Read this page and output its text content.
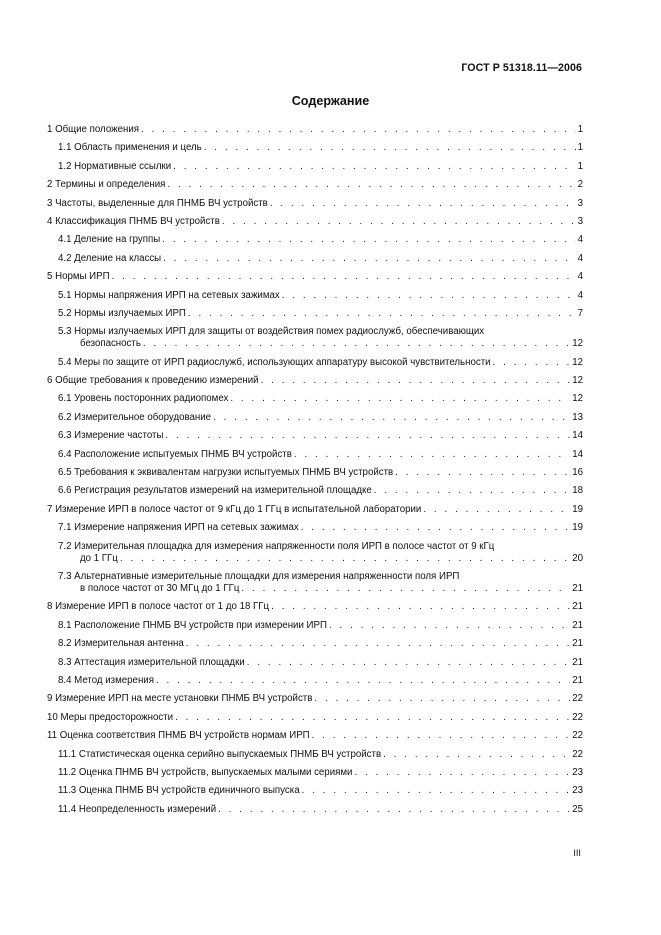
ГОСТ Р 51318.11—2006
Содержание
1 Общие положения . . .	1
1.1 Область применения и цель . . .	1
1.2 Нормативные ссылки . . .	1
2 Термины и определения . . .	2
3 Частоты, выделенные для ПНМБ ВЧ устройств . . .	3
4 Классификация ПНМБ ВЧ устройств . . .	3
4.1 Деление на группы . . .	4
4.2 Деление на классы . . .	4
5 Нормы ИРП . . .	4
5.1 Нормы напряжения ИРП на сетевых зажимах . . .	4
5.2 Нормы излучаемых ИРП . . .	7
5.3 Нормы излучаемых ИРП для защиты от воздействия помех радиослужб, обеспечивающих
безопасность . . .	12
5.4 Меры по защите от ИРП радиослужб, использующих аппаратуру высокой чувствительности . . .	12
6 Общие требования к проведению измерений . . .	12
6.1 Уровень посторонних радиопомех . . .	12
6.2 Измерительное оборудование . . .	13
6.3 Измерение частоты . . .	14
6.4 Расположение испытуемых ПНМБ ВЧ устройств . . .	14
6.5 Требования к эквивалентам нагрузки испытуемых ПНМБ ВЧ устройств . . .	16
6.6 Регистрация результатов измерений на измерительной площадке . . .	18
7 Измерение ИРП в полосе частот от 9 кГц до 1 ГГц в испытательной лаборатории . . .	19
7.1 Измерение напряжения ИРП на сетевых зажимах . . .	19
7.2 Измерительная площадка для измерения напряженности поля ИРП в полосе частот от 9 кГц
до 1 ГГц . . .	20
7.3 Альтернативные измерительные площадки для измерения напряженности поля ИРП
в полосе частот от 30 МГц до 1 ГГц . . .	21
8 Измерение ИРП в полосе частот от 1 до 18 ГГц . . .	21
8.1 Расположение ПНМБ ВЧ устройств при измерении ИРП . . .	21
8.2 Измерительная антенна . . .	21
8.3 Аттестация измерительной площадки . . .	21
8.4 Метод измерения . . .	21
9 Измерение ИРП на месте установки ПНМБ ВЧ устройств . . .	22
10 Меры предосторожности . . .	22
11 Оценка соответствия ПНМБ ВЧ устройств нормам ИРП . . .	22
11.1 Статистическая оценка серийно выпускаемых ПНМБ ВЧ устройств . . .	22
11.2 Оценка ПНМБ ВЧ устройств, выпускаемых малыми сериями . . .	23
11.3 Оценка ПНМБ ВЧ устройств единичного выпуска . . .	23
11.4 Неопределенность измерений . . .	25
III
